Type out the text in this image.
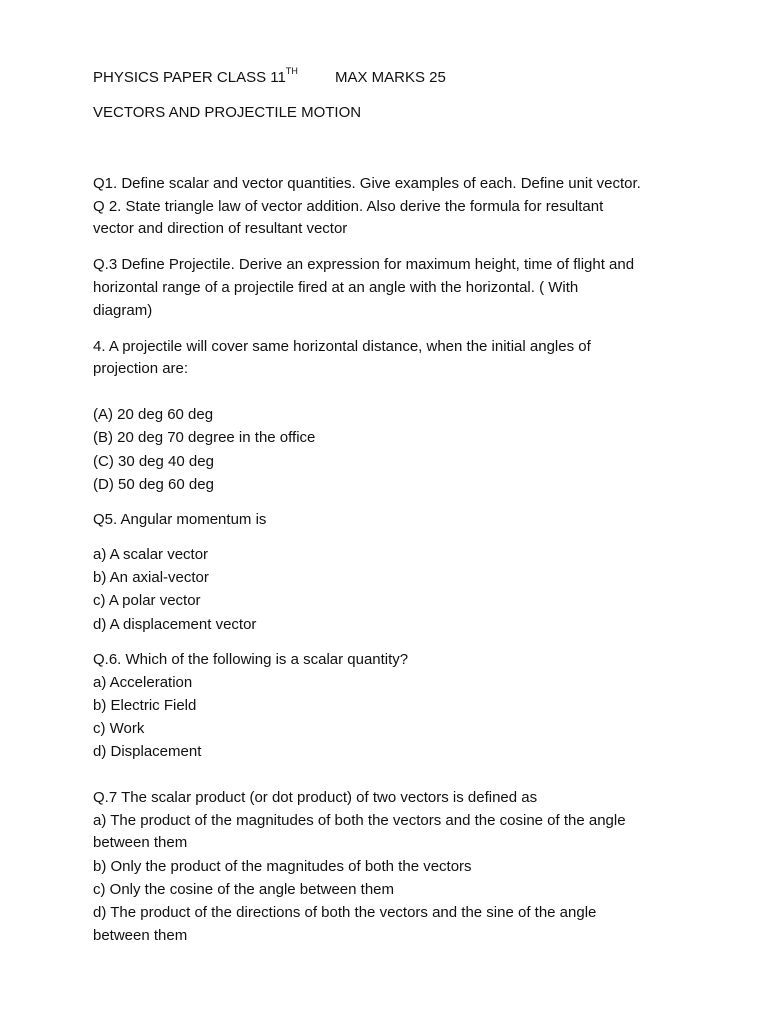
PHYSICS PAPER CLASS 11TH MAX MARKS 25
VECTORS AND PROJECTILE MOTION
Q1. Define scalar and vector quantities. Give examples of each. Define unit vector.
Q 2. State triangle law of vector addition. Also derive the formula for resultant
vector and direction of resultant vector
Q.3 Define Projectile. Derive an expression for maximum height, time of flight and
horizontal range of a projectile fired at an angle with the horizontal. ( With
diagram)
4. A projectile will cover same horizontal distance, when the initial angles of
projection are:
(A) 20 deg 60 deg
(B) 20 deg 70 degree in the office
(C) 30 deg 40 deg
(D) 50 deg 60 deg
Q5. Angular momentum is
a) A scalar vector
b) An axial-vector
c) A polar vector
d) A displacement vector
Q.6. Which of the following is a scalar quantity?
a) Acceleration
b) Electric Field
c) Work
d) Displacement
Q.7 The scalar product (or dot product) of two vectors is defined as
a) The product of the magnitudes of both the vectors and the cosine of the angle
between them
b) Only the product of the magnitudes of both the vectors
c) Only the cosine of the angle between them
d) The product of the directions of both the vectors and the sine of the angle
between them
